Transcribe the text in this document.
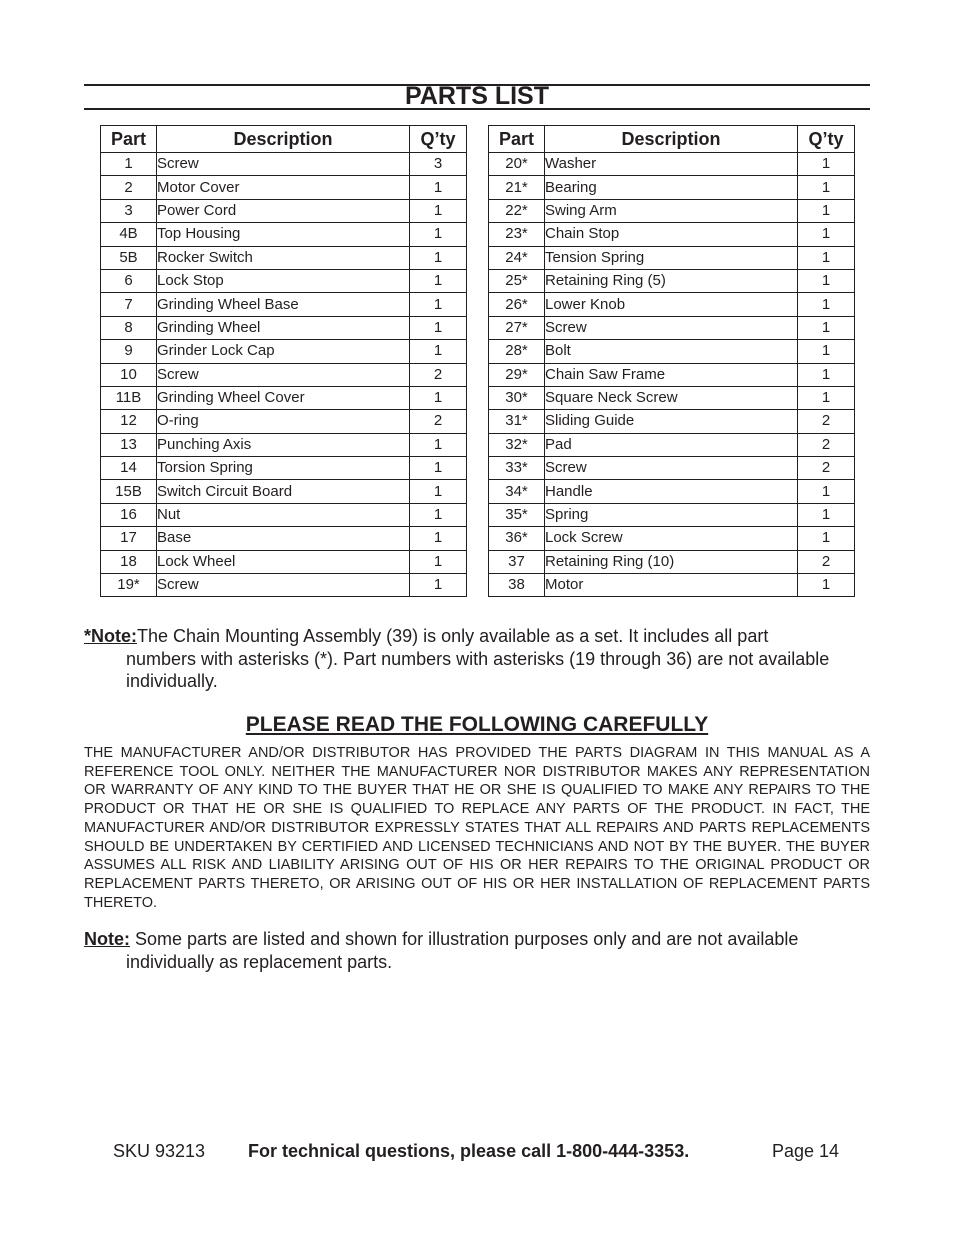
PARTS LIST
Part	Description	Q’ty
1	Screw	3
2	Motor Cover	1
3	Power Cord	1
4B	Top Housing	1
5B	Rocker Switch	1
6	Lock Stop	1
7	Grinding Wheel Base	1
8	Grinding Wheel	1
9	Grinder Lock Cap	1
10	Screw	2
11B	Grinding Wheel Cover	1
12	O-ring	2
13	Punching Axis	1
14	Torsion Spring	1
15B	Switch Circuit Board	1
16	Nut	1
17	Base	1
18	Lock Wheel	1
19*	Screw	1
Part	Description	Q’ty
20*	Washer	1
21*	Bearing	1
22*	Swing Arm	1
23*	Chain Stop	1
24*	Tension Spring	1
25*	Retaining Ring (5)	1
26*	Lower Knob	1
27*	Screw	1
28*	Bolt	1
29*	Chain Saw Frame	1
30*	Square Neck Screw	1
31*	Sliding Guide	2
32*	Pad	2
33*	Screw	2
34*	Handle	1
35*	Spring	1
36*	Lock Screw	1
37	Retaining Ring (10)	2
38	Motor	1
*Note:The Chain Mounting Assembly (39) is only available as a set. It includes all part
numbers with asterisks (*). Part numbers with asterisks (19 through 36) are not available
individually.
PLEASE READ THE FOLLOWING CAREFULLY

THE MANUFACTURER AND/OR DISTRIBUTOR HAS PROVIDED THE PARTS DIAGRAM IN THIS MANUAL AS A REFERENCE TOOL ONLY. NEITHER THE MANUFACTURER NOR DISTRIBUTOR MAKES ANY REPRESENTATION OR WARRANTY OF ANY KIND TO THE BUYER THAT HE OR SHE IS QUALIFIED TO MAKE ANY REPAIRS TO THE PRODUCT OR THAT HE OR SHE IS QUALIFIED TO REPLACE ANY PARTS OF THE PRODUCT. IN FACT, THE MANUFACTURER AND/OR DISTRIBUTOR EXPRESSLY STATES THAT ALL REPAIRS AND PARTS REPLACEMENTS SHOULD BE UNDERTAKEN BY CERTIFIED AND LICENSED TECHNICIANS AND NOT BY THE BUYER. THE BUYER ASSUMES ALL RISK AND LIABILITY ARISING OUT OF HIS OR HER REPAIRS TO THE ORIGINAL PRODUCT OR REPLACEMENT PARTS THERETO, OR ARISING OUT OF HIS OR HER INSTALLATION OF REPLACEMENT PARTS THERETO.

Note: Some parts are listed and shown for illustration purposes only and are not available
individually as replacement parts.
SKU 93213 For technical questions, please call 1-800-444-3353.	Page 14
